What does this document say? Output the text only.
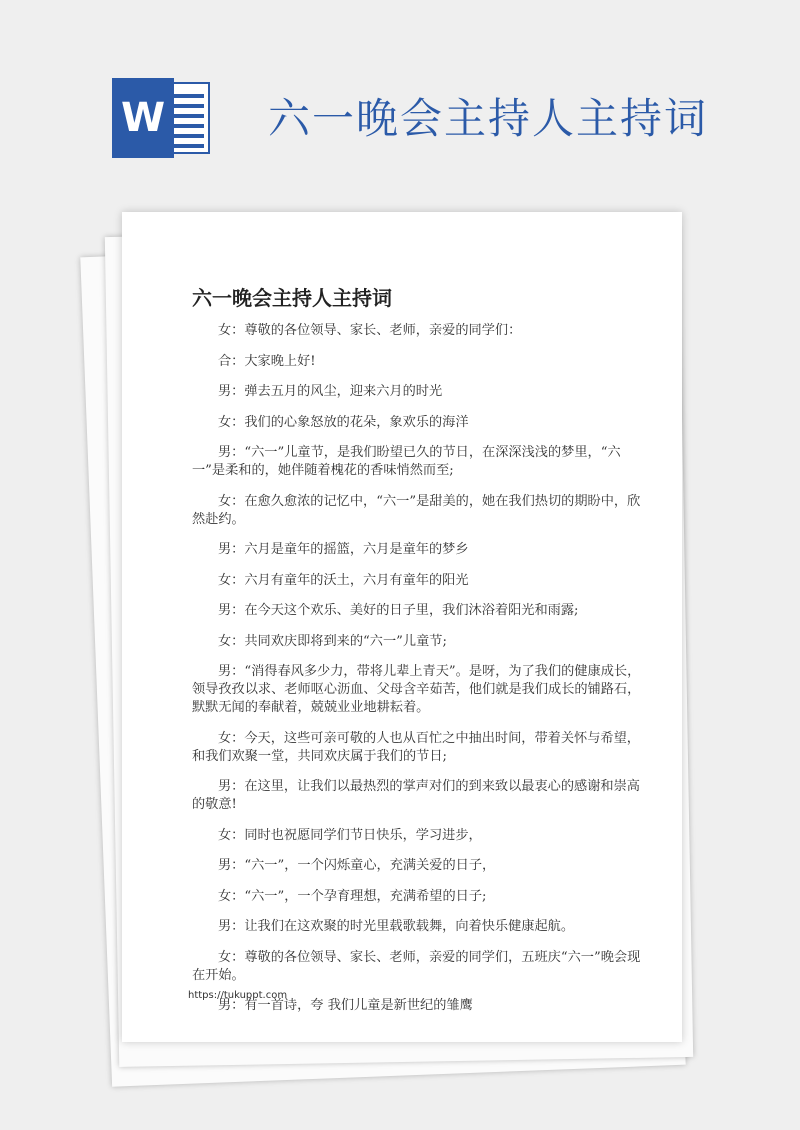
W 六一晚会主持人主持词
六一晚会主持人主持词

女：尊敬的各位领导、家长、老师，亲爱的同学们：

合：大家晚上好!

男：弹去五月的风尘，迎来六月的时光

女：我们的心象怒放的花朵，象欢乐的海洋

男：“六一”儿童节，是我们盼望已久的节日，在深深浅浅的梦里，“六一”是柔和的，她伴随着槐花的香味悄然而至;

女：在愈久愈浓的记忆中，“六一”是甜美的，她在我们热切的期盼中，欣然赴约。

男：六月是童年的摇篮，六月是童年的梦乡

女：六月有童年的沃土，六月有童年的阳光

男：在今天这个欢乐、美好的日子里，我们沐浴着阳光和雨露;

女：共同欢庆即将到来的“六一”儿童节;

男：“消得春风多少力，带将儿辈上青天”。是呀，为了我们的健康成长，领导孜孜以求、老师呕心沥血、父母含辛茹苦，他们就是我们成长的铺路石，默默无闻的奉献着，兢兢业业地耕耘着。

女：今天，这些可亲可敬的人也从百忙之中抽出时间，带着关怀与希望，和我们欢聚一堂，共同欢庆属于我们的节日;

男：在这里，让我们以最热烈的掌声对们的到来致以最衷心的感谢和崇高的敬意!

女：同时也祝愿同学们节日快乐，学习进步，

男：“六一”，一个闪烁童心，充满关爱的日子，

女：“六一”，一个孕育理想，充满希望的日子;

男：让我们在这欢聚的时光里载歌载舞，向着快乐健康起航。

女：尊敬的各位领导、家长、老师，亲爱的同学们，五班庆“六一”晚会现在开始。

男：有一首诗，夸 我们儿童是新世纪的雏鹰

https://tukuppt.com
